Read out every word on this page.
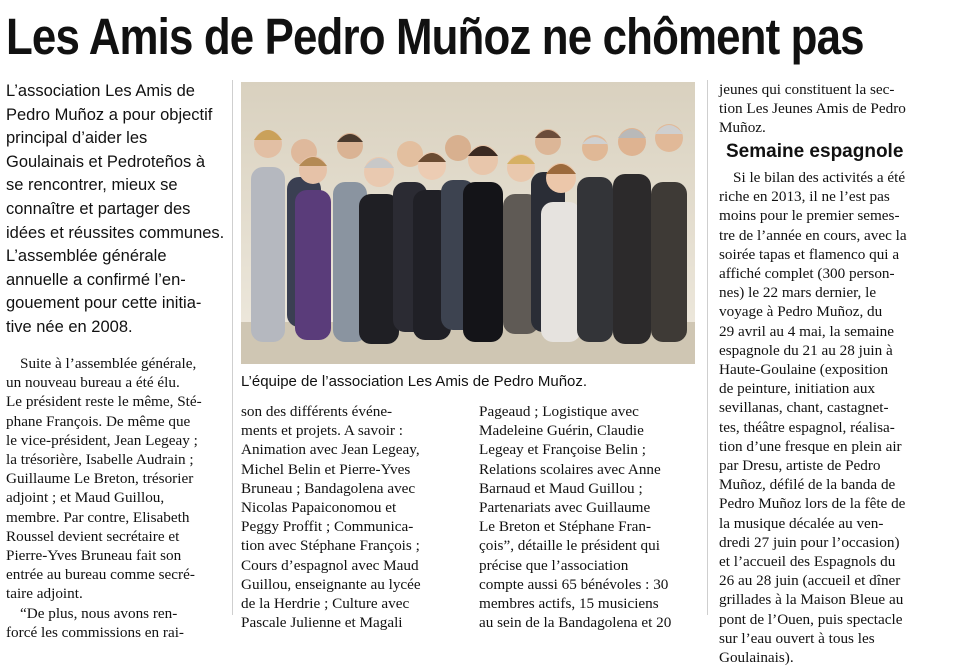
Les Amis de Pedro Muñoz ne chôment pas

L’association Les Amis de

Pedro Muñoz a pour objectif

principal d’aider les

Goulainais et Pedroteños à

se rencontrer, mieux se

connaître et partager des

idées et réussites communes.

L’assemblée générale

annuelle a confirmé l’en-

gouement pour cette initia-

tive née en 2008.

Suite à l’assemblée générale,

un nouveau bureau a été élu.

Le président reste le même, Sté-

phane François. De même que

le vice-président, Jean Legeay ;

la trésorière, Isabelle Audrain ;

Guillaume Le Breton, trésorier

adjoint ; et Maud Guillou,

membre. Par contre, Elisabeth

Roussel devient secrétaire et

Pierre-Yves Bruneau fait son

entrée au bureau comme secré-

taire adjoint.

“De plus, nous avons ren-

forcé les commissions en rai-

L’équipe de l’association Les Amis de Pedro Muñoz.

son des différents événe-

ments et projets. A savoir :

Animation avec Jean Legeay,

Michel Belin et Pierre-Yves

Bruneau ; Bandagolena avec

Nicolas Papaiconomou et

Peggy Proffit ; Communica-

tion avec Stéphane François ;

Cours d’espagnol avec Maud

Guillou, enseignante au lycée

de la Herdrie ; Culture avec

Pascale Julienne et Magali

Pageaud ; Logistique avec

Madeleine Guérin, Claudie

Legeay et Françoise Belin ;

Relations scolaires avec Anne

Barnaud et Maud Guillou ;

Partenariats avec Guillaume

Le Breton et Stéphane Fran-

çois”, détaille le président qui

précise que l’association

compte aussi 65 bénévoles : 30

membres actifs, 15 musiciens

au sein de la Bandagolena et 20

jeunes qui constituent la sec-

tion Les Jeunes Amis de Pedro

Muñoz.

Semaine espagnole

Si le bilan des activités a été

riche en 2013, il ne l’est pas

moins pour le premier semes-

tre de l’année en cours, avec la

soirée tapas et flamenco qui a

affiché complet (300 person-

nes) le 22 mars dernier, le

voyage à Pedro Muñoz, du

29 avril au 4 mai, la semaine

espagnole du 21 au 28 juin à

Haute-Goulaine (exposition

de peinture, initiation aux

sevillanas, chant, castagnet-

tes, théâtre espagnol, réalisa-

tion d’une fresque en plein air

par Dresu, artiste de Pedro

Muñoz, défilé de la banda de

Pedro Muñoz lors de la fête de

la musique décalée au ven-

dredi 27 juin pour l’occasion)

et l’accueil des Espagnols du

26 au 28 juin (accueil et dîner

grillades à la Maison Bleue au

pont de l’Ouen, puis spectacle

sur l’eau ouvert à tous les

Goulainais).
